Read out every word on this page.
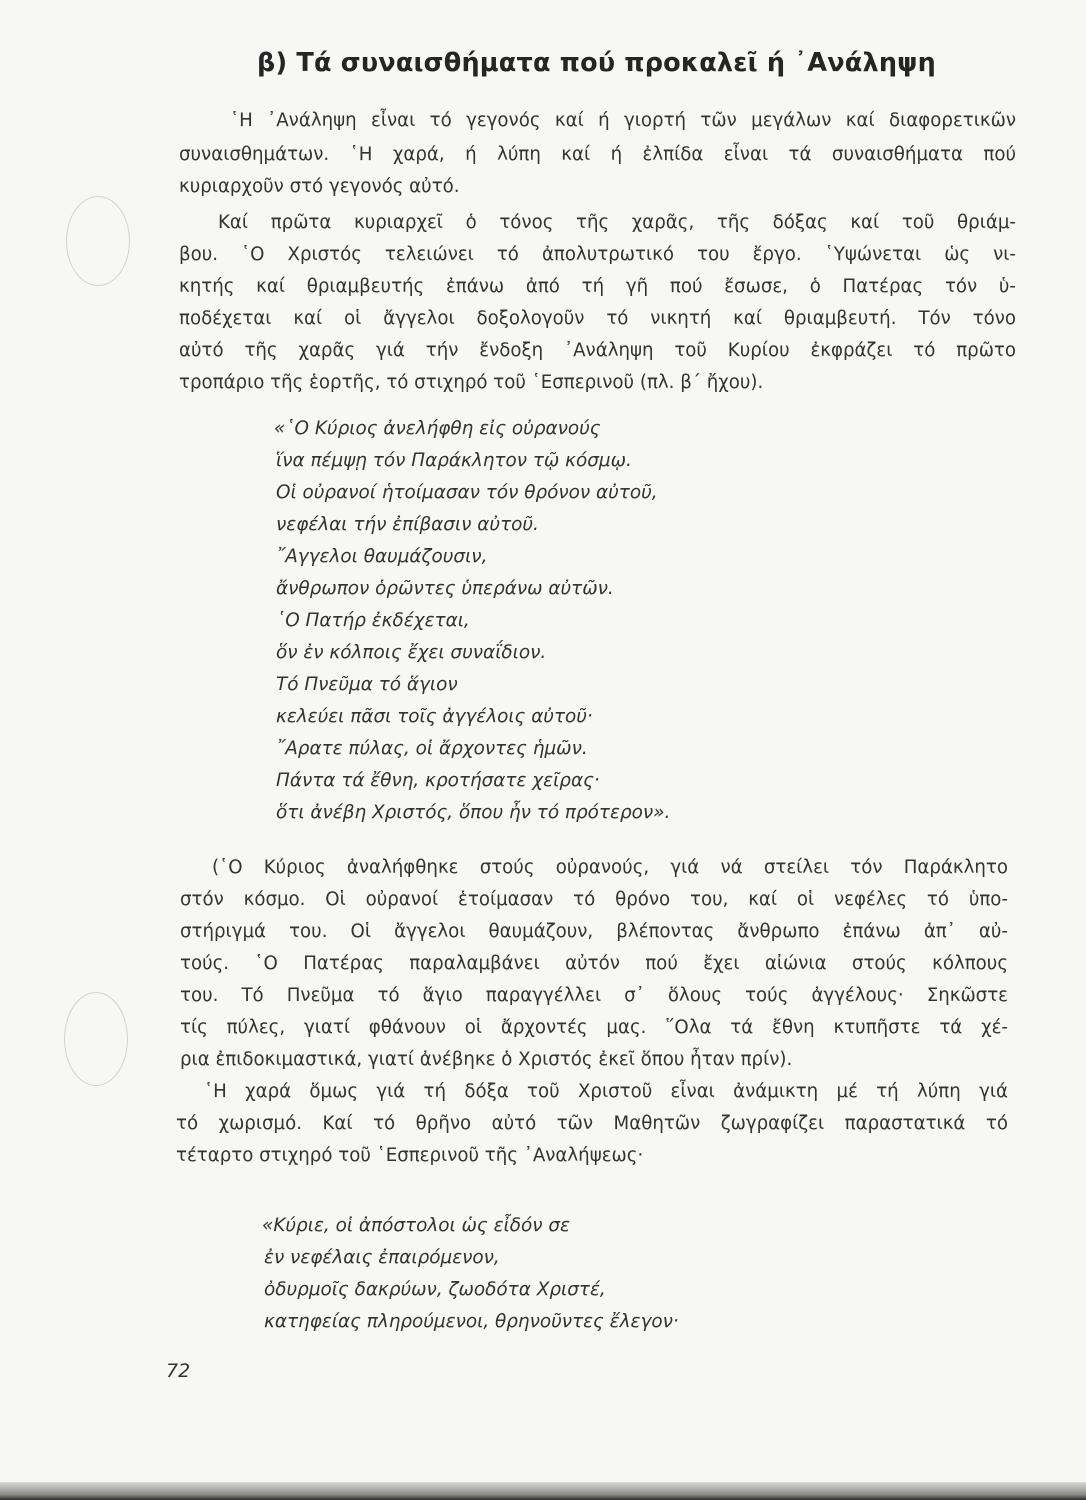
β) Τά συναισθήματα πού προκαλεῖ ή ᾽Ανάληψη
῾Η ᾽Ανάληψη εἶναι τό γεγονός καί ή γιορτή τῶν μεγάλων καί διαφορετικῶν
συναισθημάτων. ῾Η χαρά, ή λύπη καί ή ἐλπίδα εἶναι τά συναισθήματα πού
κυριαρχοῦν στό γεγονός αὐτό.
Καί πρῶτα κυριαρχεῖ ὁ τόνος τῆς χαρᾶς, τῆς δόξας καί τοῦ θριάμ-
βου. ῾Ο Χριστός τελειώνει τό ἀπολυτρωτικό του ἔργο. ῾Υψώνεται ὡς νι-
κητής καί θριαμβευτής ἐπάνω ἀπό τή γῆ πού ἔσωσε, ὁ Πατέρας τόν ὑ-
ποδέχεται καί οἱ ἄγγελοι δοξολογοῦν τό νικητή καί θριαμβευτή. Τόν τόνο
αὐτό τῆς χαρᾶς γιά τήν ἔνδοξη ᾽Ανάληψη τοῦ Κυρίου ἐκφράζει τό πρῶτο
τροπάριο τῆς ἑορτῆς, τό στιχηρό τοῦ ῾Εσπερινοῦ (πλ. β΄ ἤχου).
«῾Ο Κύριος ἀνελήφθη εἰς οὐρανούς
ἵνα πέμψῃ τόν Παράκλητον τῷ κόσμῳ.
Οἱ οὐρανοί ἡτοίμασαν τόν θρόνον αὐτοῦ,
νεφέλαι τήν ἐπίβασιν αὐτοῦ.
῎Αγγελοι θαυμάζουσιν,
ἄνθρωπον ὁρῶντες ὑπεράνω αὐτῶν.
῾Ο Πατήρ ἐκδέχεται,
ὅν ἐν κόλποις ἔχει συναΐδιον.
Τό Πνεῦμα τό ἅγιον
κελεύει πᾶσι τοῖς ἀγγέλοις αὐτοῦ·
῎Αρατε πύλας, οἱ ἄρχοντες ἡμῶν.
Πάντα τά ἔθνη, κροτήσατε χεῖρας·
ὅτι ἀνέβη Χριστός, ὅπου ἦν τό πρότερον».
(῾Ο Κύριος ἀναλήφθηκε στούς οὐρανούς, γιά νά στείλει τόν Παράκλητο
στόν κόσμο. Οἱ οὐρανοί ἑτοίμασαν τό θρόνο του, καί οἱ νεφέλες τό ὑπο-
στήριγμά του. Οἱ ἄγγελοι θαυμάζουν, βλέποντας ἄνθρωπο ἐπάνω ἀπ᾽ αὐ-
τούς. ῾Ο Πατέρας παραλαμβάνει αὐτόν πού ἔχει αἰώνια στούς κόλπους
του. Τό Πνεῦμα τό ἅγιο παραγγέλλει σ᾽ ὅλους τούς ἀγγέλους· Σηκῶστε
τίς πύλες, γιατί φθάνουν οἱ ἄρχοντές μας. ῞Ολα τά ἔθνη κτυπῆστε τά χέ-
ρια ἐπιδοκιμαστικά, γιατί ἀνέβηκε ὁ Χριστός ἐκεῖ ὅπου ἦταν πρίν).
῾Η χαρά ὅμως γιά τή δόξα τοῦ Χριστοῦ εἶναι ἀνάμικτη μέ τή λύπη γιά
τό χωρισμό. Καί τό θρῆνο αὐτό τῶν Μαθητῶν ζωγραφίζει παραστατικά τό
τέταρτο στιχηρό τοῦ ῾Εσπερινοῦ τῆς ᾽Αναλήψεως·
«Κύριε, οἱ ἀπόστολοι ὡς εἶδόν σε
ἐν νεφέλαις ἐπαιρόμενον,
ὀδυρμοῖς δακρύων, ζωοδότα Χριστέ,
κατηφείας πληρούμενοι, θρηνοῦντες ἔλεγον·
72
